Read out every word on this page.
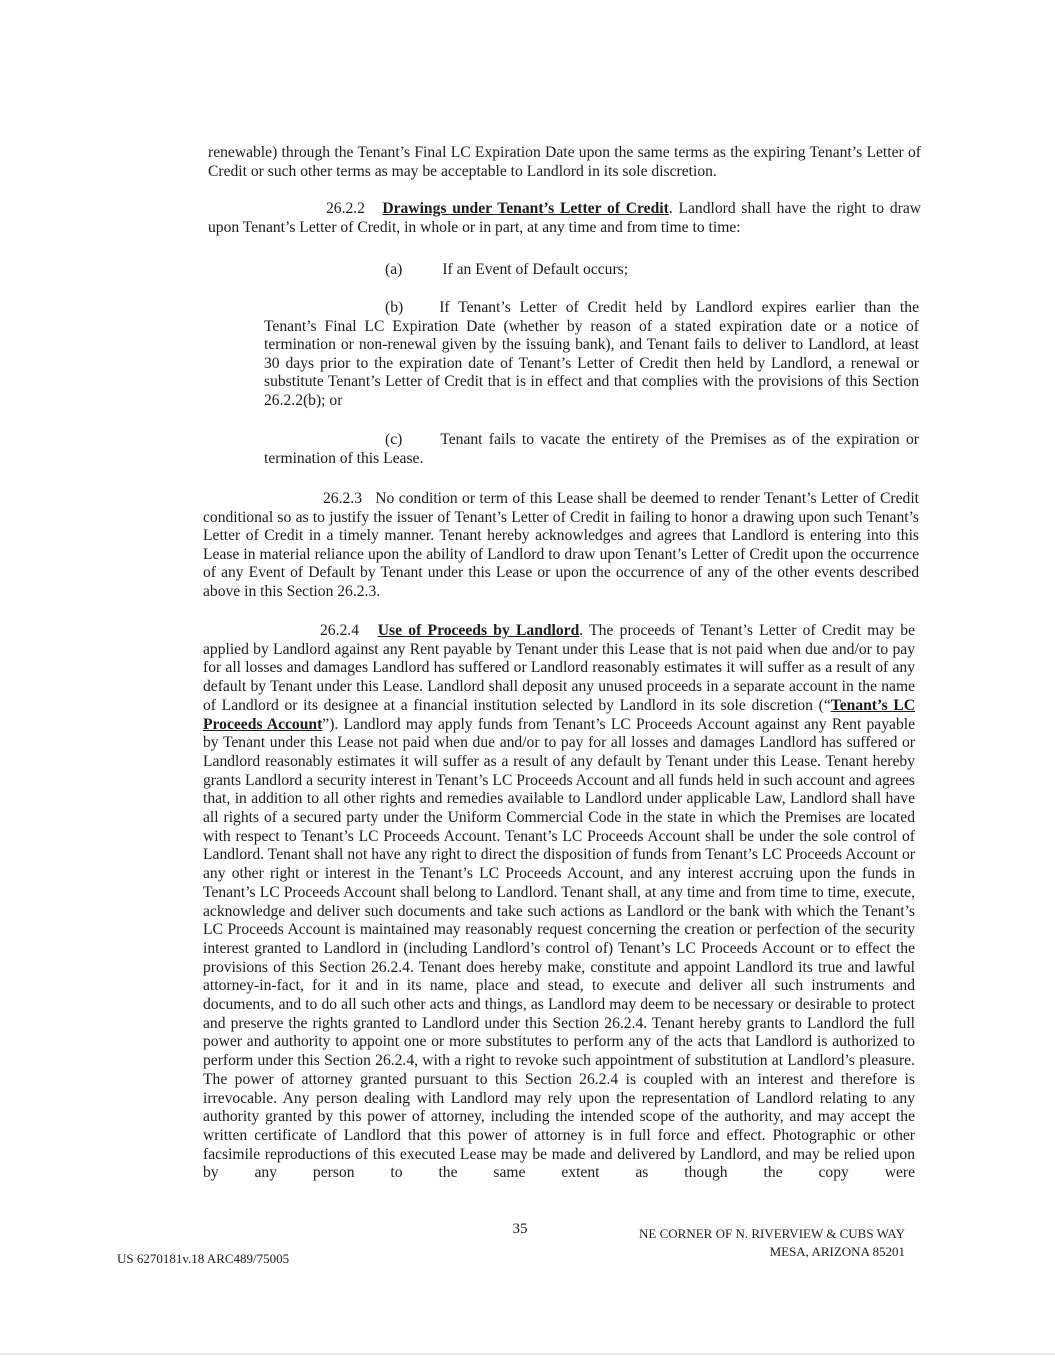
renewable) through the Tenant’s Final LC Expiration Date upon the same terms as the expiring Tenant’s Letter of Credit or such other terms as may be acceptable to Landlord in its sole discretion.

26.2.2 Drawings under Tenant’s Letter of Credit. Landlord shall have the right to draw upon Tenant’s Letter of Credit, in whole or in part, at any time and from time to time:

(a)	If an Event of Default occurs;

(b) If Tenant’s Letter of Credit held by Landlord expires earlier than the Tenant’s Final LC Expiration Date (whether by reason of a stated expiration date or a notice of termination or non-renewal given by the issuing bank), and Tenant fails to deliver to Landlord, at least 30 days prior to the expiration date of Tenant’s Letter of Credit then held by Landlord, a renewal or substitute Tenant’s Letter of Credit that is in effect and that complies with the provisions of this Section 26.2.2(b); or

(c) Tenant fails to vacate the entirety of the Premises as of the expiration or termination of this Lease.

26.2.3 No condition or term of this Lease shall be deemed to render Tenant’s Letter of Credit conditional so as to justify the issuer of Tenant’s Letter of Credit in failing to honor a drawing upon such Tenant’s Letter of Credit in a timely manner. Tenant hereby acknowledges and agrees that Landlord is entering into this Lease in material reliance upon the ability of Landlord to draw upon Tenant’s Letter of Credit upon the occurrence of any Event of Default by Tenant under this Lease or upon the occurrence of any of the other events described above in this Section 26.2.3.

26.2.4 Use of Proceeds by Landlord. The proceeds of Tenant’s Letter of Credit may be applied by Landlord against any Rent payable by Tenant under this Lease that is not paid when due and/or to pay for all losses and damages Landlord has suffered or Landlord reasonably estimates it will suffer as a result of any default by Tenant under this Lease. Landlord shall deposit any unused proceeds in a separate account in the name of Landlord or its designee at a financial institution selected by Landlord in its sole discretion (“Tenant’s LC Proceeds Account”). Landlord may apply funds from Tenant’s LC Proceeds Account against any Rent payable by Tenant under this Lease not paid when due and/or to pay for all losses and damages Landlord has suffered or Landlord reasonably estimates it will suffer as a result of any default by Tenant under this Lease. Tenant hereby grants Landlord a security interest in Tenant’s LC Proceeds Account and all funds held in such account and agrees that, in addition to all other rights and remedies available to Landlord under applicable Law, Landlord shall have all rights of a secured party under the Uniform Commercial Code in the state in which the Premises are located with respect to Tenant’s LC Proceeds Account. Tenant’s LC Proceeds Account shall be under the sole control of Landlord. Tenant shall not have any right to direct the disposition of funds from Tenant’s LC Proceeds Account or any other right or interest in the Tenant’s LC Proceeds Account, and any interest accruing upon the funds in Tenant’s LC Proceeds Account shall belong to Landlord. Tenant shall, at any time and from time to time, execute, acknowledge and deliver such documents and take such actions as Landlord or the bank with which the Tenant’s LC Proceeds Account is maintained may reasonably request concerning the creation or perfection of the security interest granted to Landlord in (including Landlord’s control of) Tenant’s LC Proceeds Account or to effect the provisions of this Section 26.2.4. Tenant does hereby make, constitute and appoint Landlord its true and lawful attorney-in-fact, for it and in its name, place and stead, to execute and deliver all such instruments and documents, and to do all such other acts and things, as Landlord may deem to be necessary or desirable to protect and preserve the rights granted to Landlord under this Section 26.2.4. Tenant hereby grants to Landlord the full power and authority to appoint one or more substitutes to perform any of the acts that Landlord is authorized to perform under this Section 26.2.4, with a right to revoke such appointment of substitution at Landlord’s pleasure. The power of attorney granted pursuant to this Section 26.2.4 is coupled with an interest and therefore is irrevocable. Any person dealing with Landlord may rely upon the representation of Landlord relating to any authority granted by this power of attorney, including the intended scope of the authority, and may accept the written certificate of Landlord that this power of attorney is in full force and effect. Photographic or other facsimile reproductions of this executed Lease may be made and delivered by Landlord, and may be relied upon by any person to the same extent as though the copy were

35	NE CORNER OF N. RIVERVIEW & CUBS WAY

MESA, ARIZONA 85201

US 6270181v.18 ARC489/75005
